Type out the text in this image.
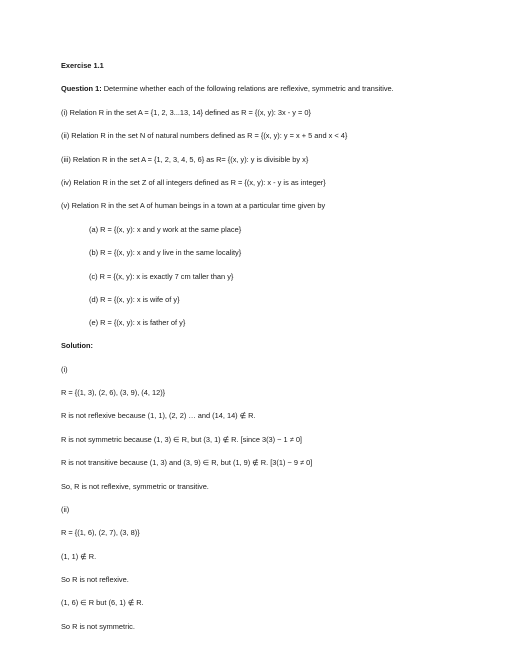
Exercise 1.1
Question 1: Determine whether each of the following relations are reflexive, symmetric and transitive.
(i) Relation R in the set A = {1, 2, 3...13, 14} defined as R = {(x, y): 3x - y = 0}
(ii) Relation R in the set N of natural numbers defined as R = {(x, y): y = x + 5 and x < 4}
(iii) Relation R in the set A = {1, 2, 3, 4, 5, 6} as R= {(x, y): y is divisible by x}
(iv) Relation R in the set Z of all integers defined as R = {(x, y): x - y is as integer}
(v) Relation R in the set A of human beings in a town at a particular time given by
(a) R = {(x, y): x and y work at the same place}
(b) R = {(x, y): x and y live in the same locality}
(c) R = {(x, y): x is exactly 7 cm taller than y}
(d) R = {(x, y): x is wife of y}
(e) R = {(x, y): x is father of y}
Solution:
(i)
R = {(1, 3), (2, 6), (3, 9), (4, 12)}
R is not reflexive because (1, 1), (2, 2) … and (14, 14) ∉ R.
R is not symmetric because (1, 3) ∈ R, but (3, 1) ∉ R. [since 3(3) − 1 ≠ 0]
R is not transitive because (1, 3) and (3, 9) ∈ R, but (1, 9) ∉ R. [3(1) − 9 ≠ 0]
So, R is not reflexive, symmetric or transitive.
(ii)
R = {(1, 6), (2, 7), (3, 8)}
(1, 1) ∉ R.
So R is not reflexive.
(1, 6) ∈ R but (6, 1) ∉ R.
So R is not symmetric.
